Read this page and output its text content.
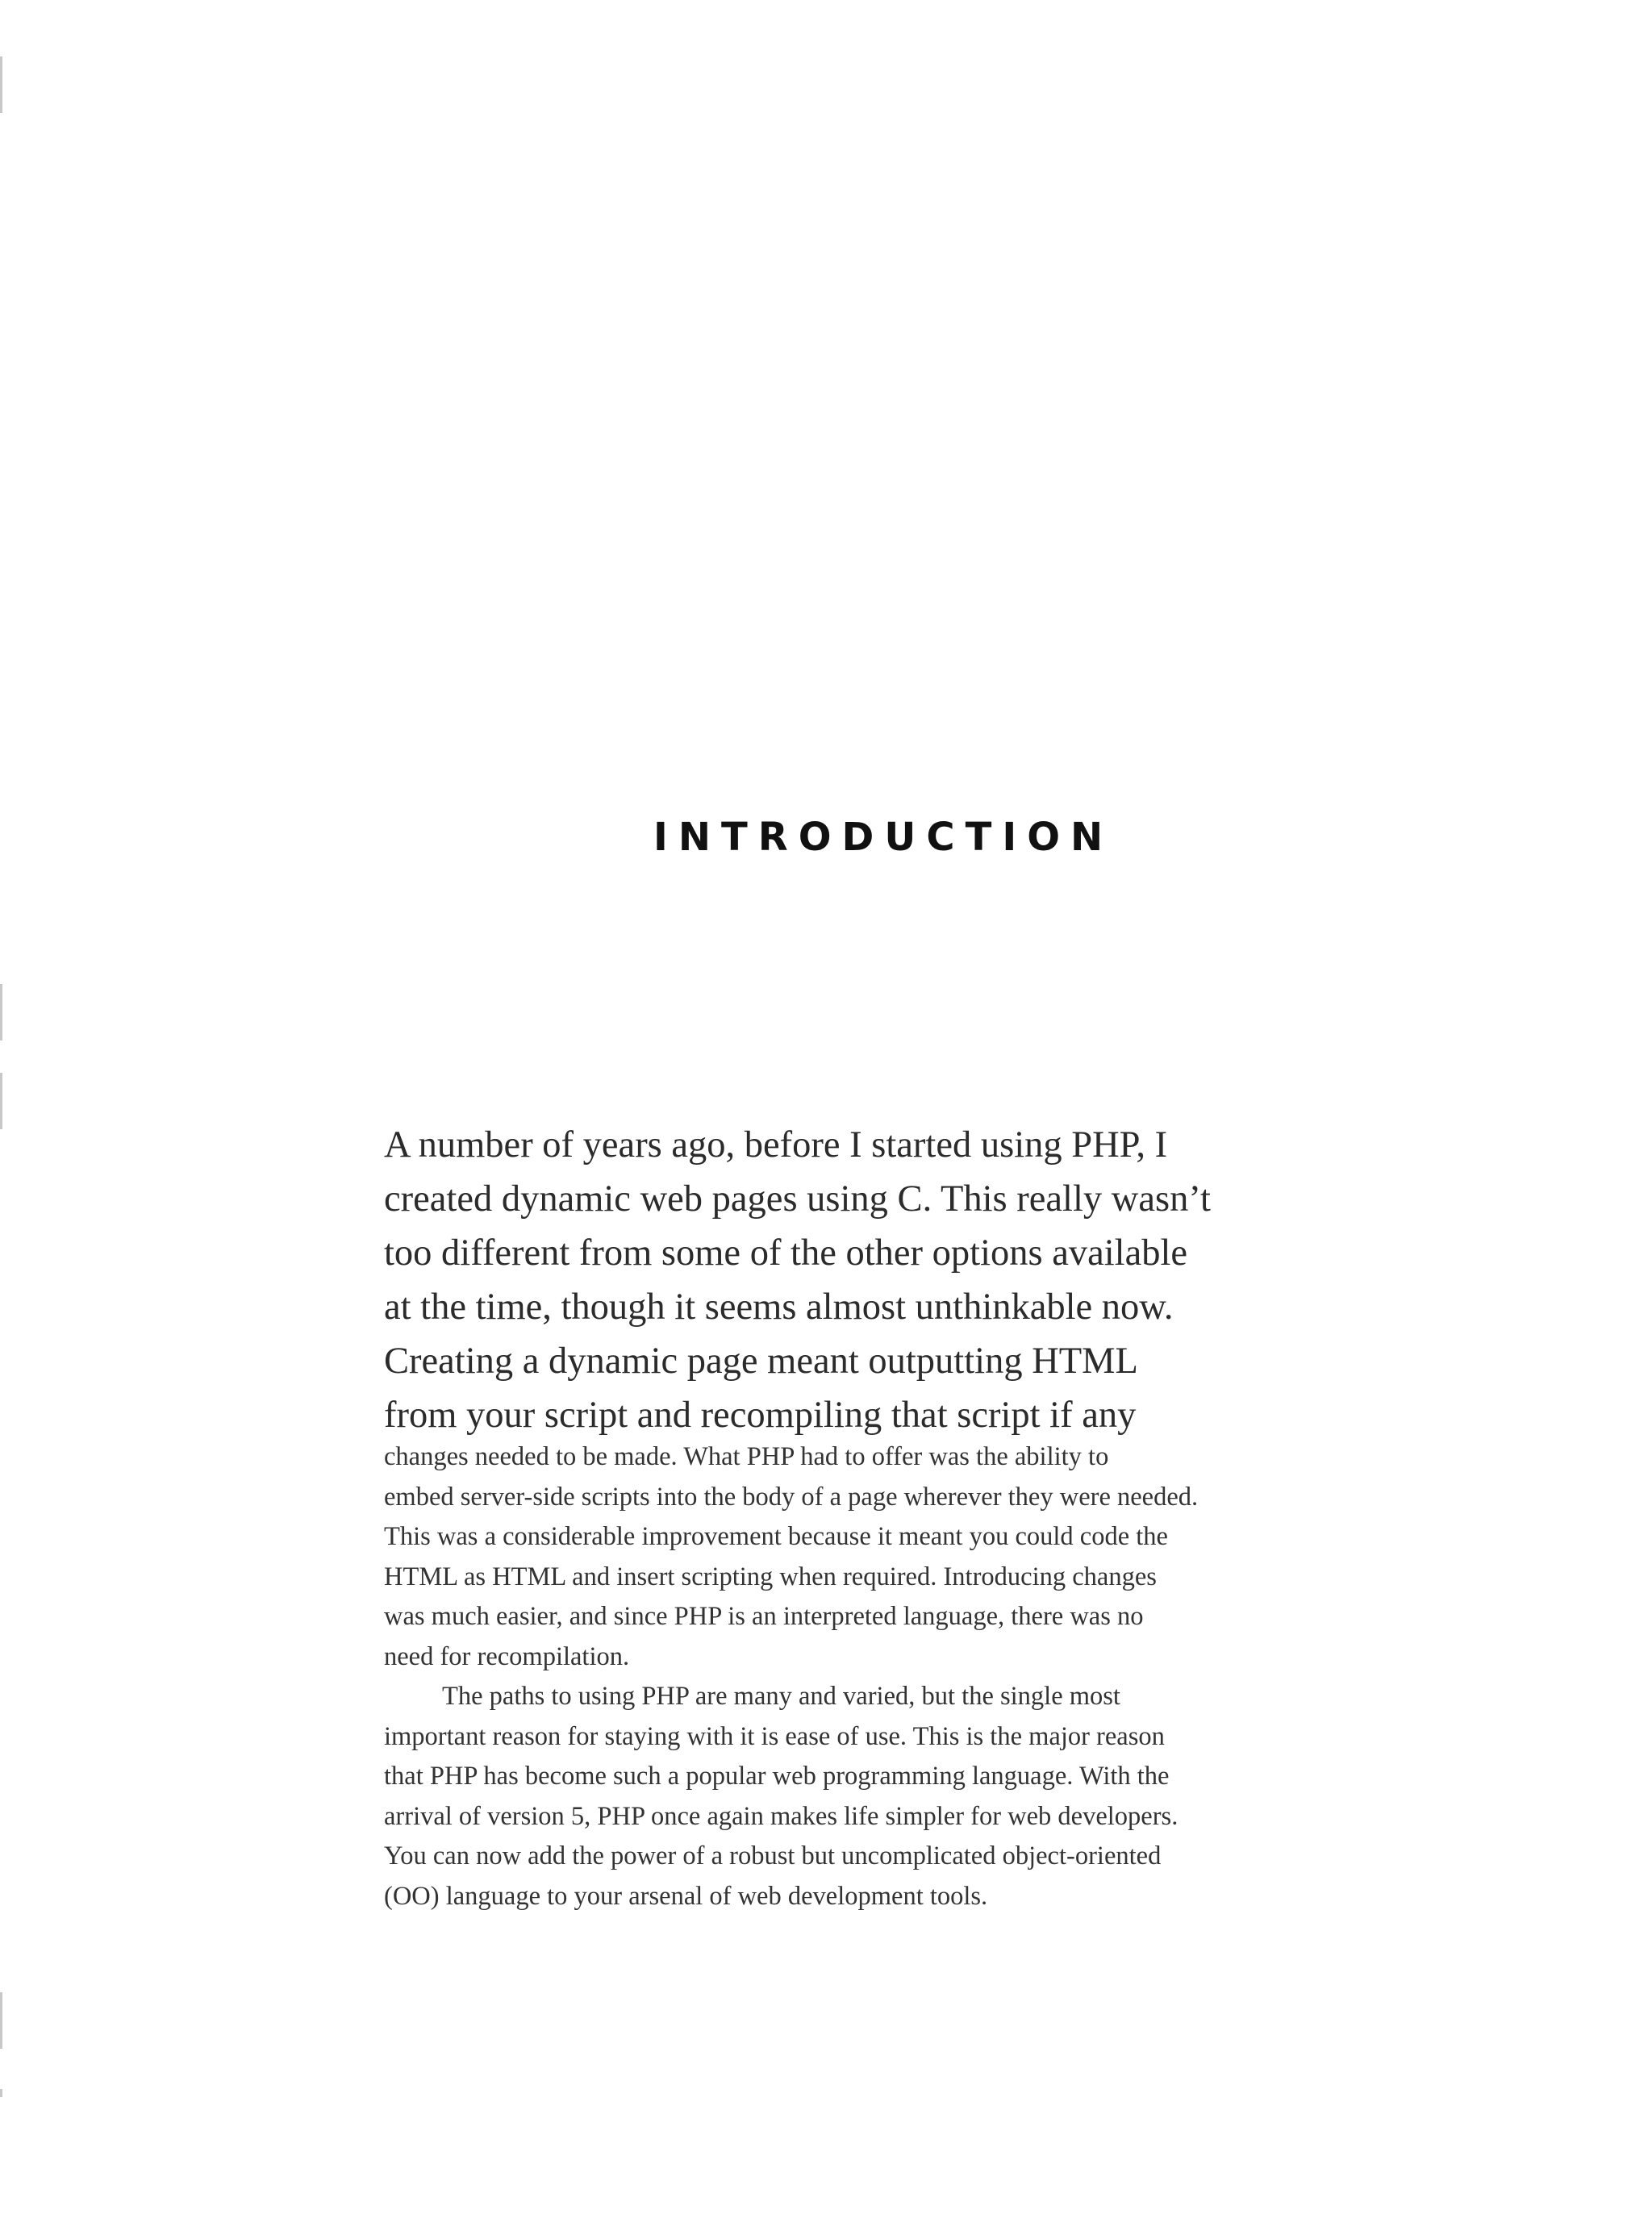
INTRODUCTION

A number of years ago, before I started using PHP, I

created dynamic web pages using C. This really wasn’t

too different from some of the other options available

at the time, though it seems almost unthinkable now.

Creating a dynamic page meant outputting HTML

from your script and recompiling that script if any

changes needed to be made. What PHP had to offer was the ability to

embed server-side scripts into the body of a page wherever they were needed.

This was a considerable improvement because it meant you could code the

HTML as HTML and insert scripting when required. Introducing changes

was much easier, and since PHP is an interpreted language, there was no

need for recompilation.

The paths to using PHP are many and varied, but the single most

important reason for staying with it is ease of use. This is the major reason

that PHP has become such a popular web programming language. With the

arrival of version 5, PHP once again makes life simpler for web developers.

You can now add the power of a robust but uncomplicated object-oriented

(OO) language to your arsenal of web development tools.
